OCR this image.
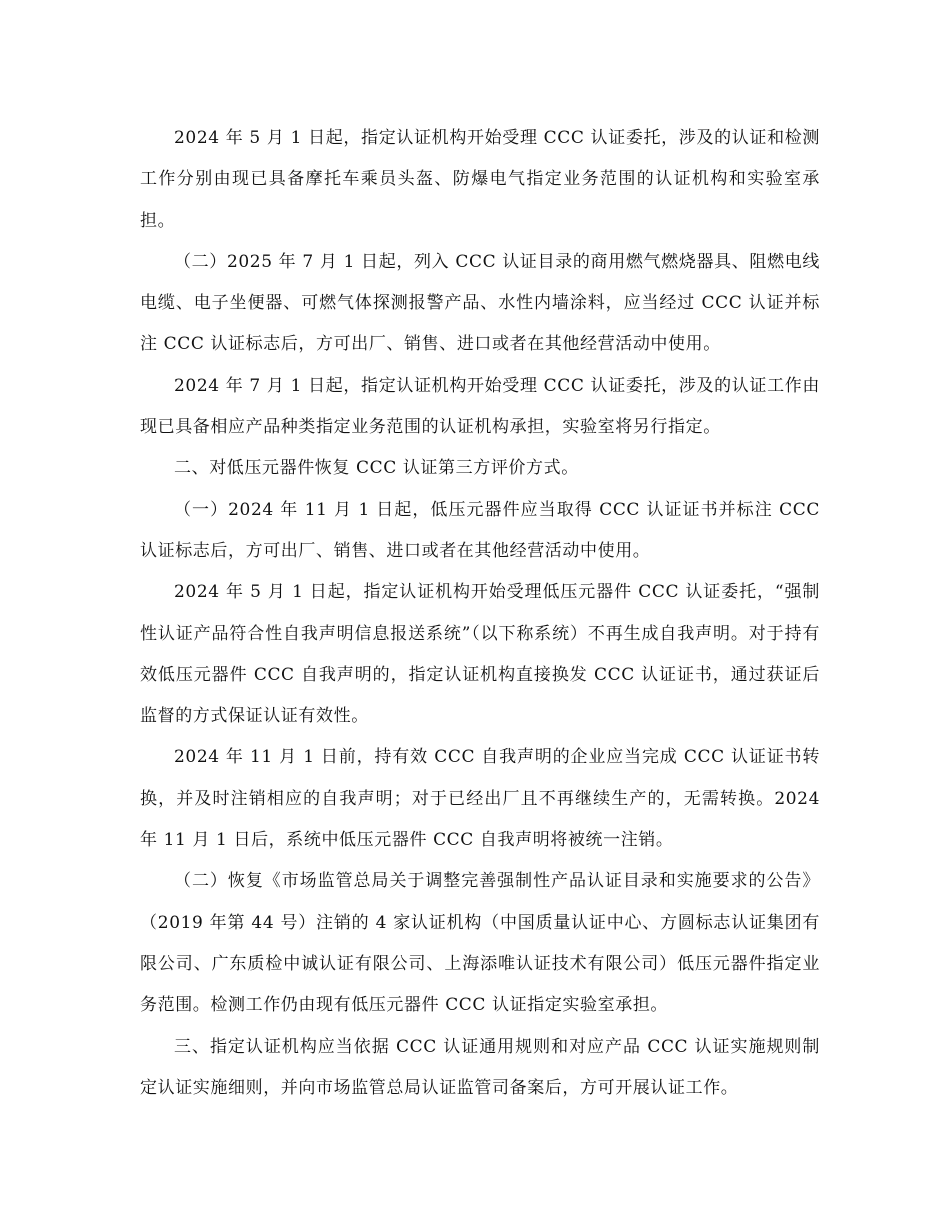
2024 年 5 月 1 日起，指定认证机构开始受理 CCC 认证委托，涉及的认证和检测工作分别由现已具备摩托车乘员头盔、防爆电气指定业务范围的认证机构和实验室承担。

（二）2025 年 7 月 1 日起，列入 CCC 认证目录的商用燃气燃烧器具、阻燃电线电缆、电子坐便器、可燃气体探测报警产品、水性内墙涂料，应当经过 CCC 认证并标注 CCC 认证标志后，方可出厂、销售、进口或者在其他经营活动中使用。

2024 年 7 月 1 日起，指定认证机构开始受理 CCC 认证委托，涉及的认证工作由现已具备相应产品种类指定业务范围的认证机构承担，实验室将另行指定。

二、对低压元器件恢复 CCC 认证第三方评价方式。

（一）2024 年 11 月 1 日起，低压元器件应当取得 CCC 认证证书并标注 CCC 认证标志后，方可出厂、销售、进口或者在其他经营活动中使用。

2024 年 5 月 1 日起，指定认证机构开始受理低压元器件 CCC 认证委托，“强制性认证产品符合性自我声明信息报送系统”（以下称系统）不再生成自我声明。对于持有效低压元器件 CCC 自我声明的，指定认证机构直接换发 CCC 认证证书，通过获证后监督的方式保证认证有效性。

2024 年 11 月 1 日前，持有效 CCC 自我声明的企业应当完成 CCC 认证证书转换，并及时注销相应的自我声明；对于已经出厂且不再继续生产的，无需转换。2024 年 11 月 1 日后，系统中低压元器件 CCC 自我声明将被统一注销。

（二）恢复《市场监管总局关于调整完善强制性产品认证目录和实施要求的公告》（2019 年第 44 号）注销的 4 家认证机构（中国质量认证中心、方圆标志认证集团有限公司、广东质检中诚认证有限公司、上海添唯认证技术有限公司）低压元器件指定业务范围。检测工作仍由现有低压元器件 CCC 认证指定实验室承担。

三、指定认证机构应当依据 CCC 认证通用规则和对应产品 CCC 认证实施规则制定认证实施细则，并向市场监管总局认证监管司备案后，方可开展认证工作。
